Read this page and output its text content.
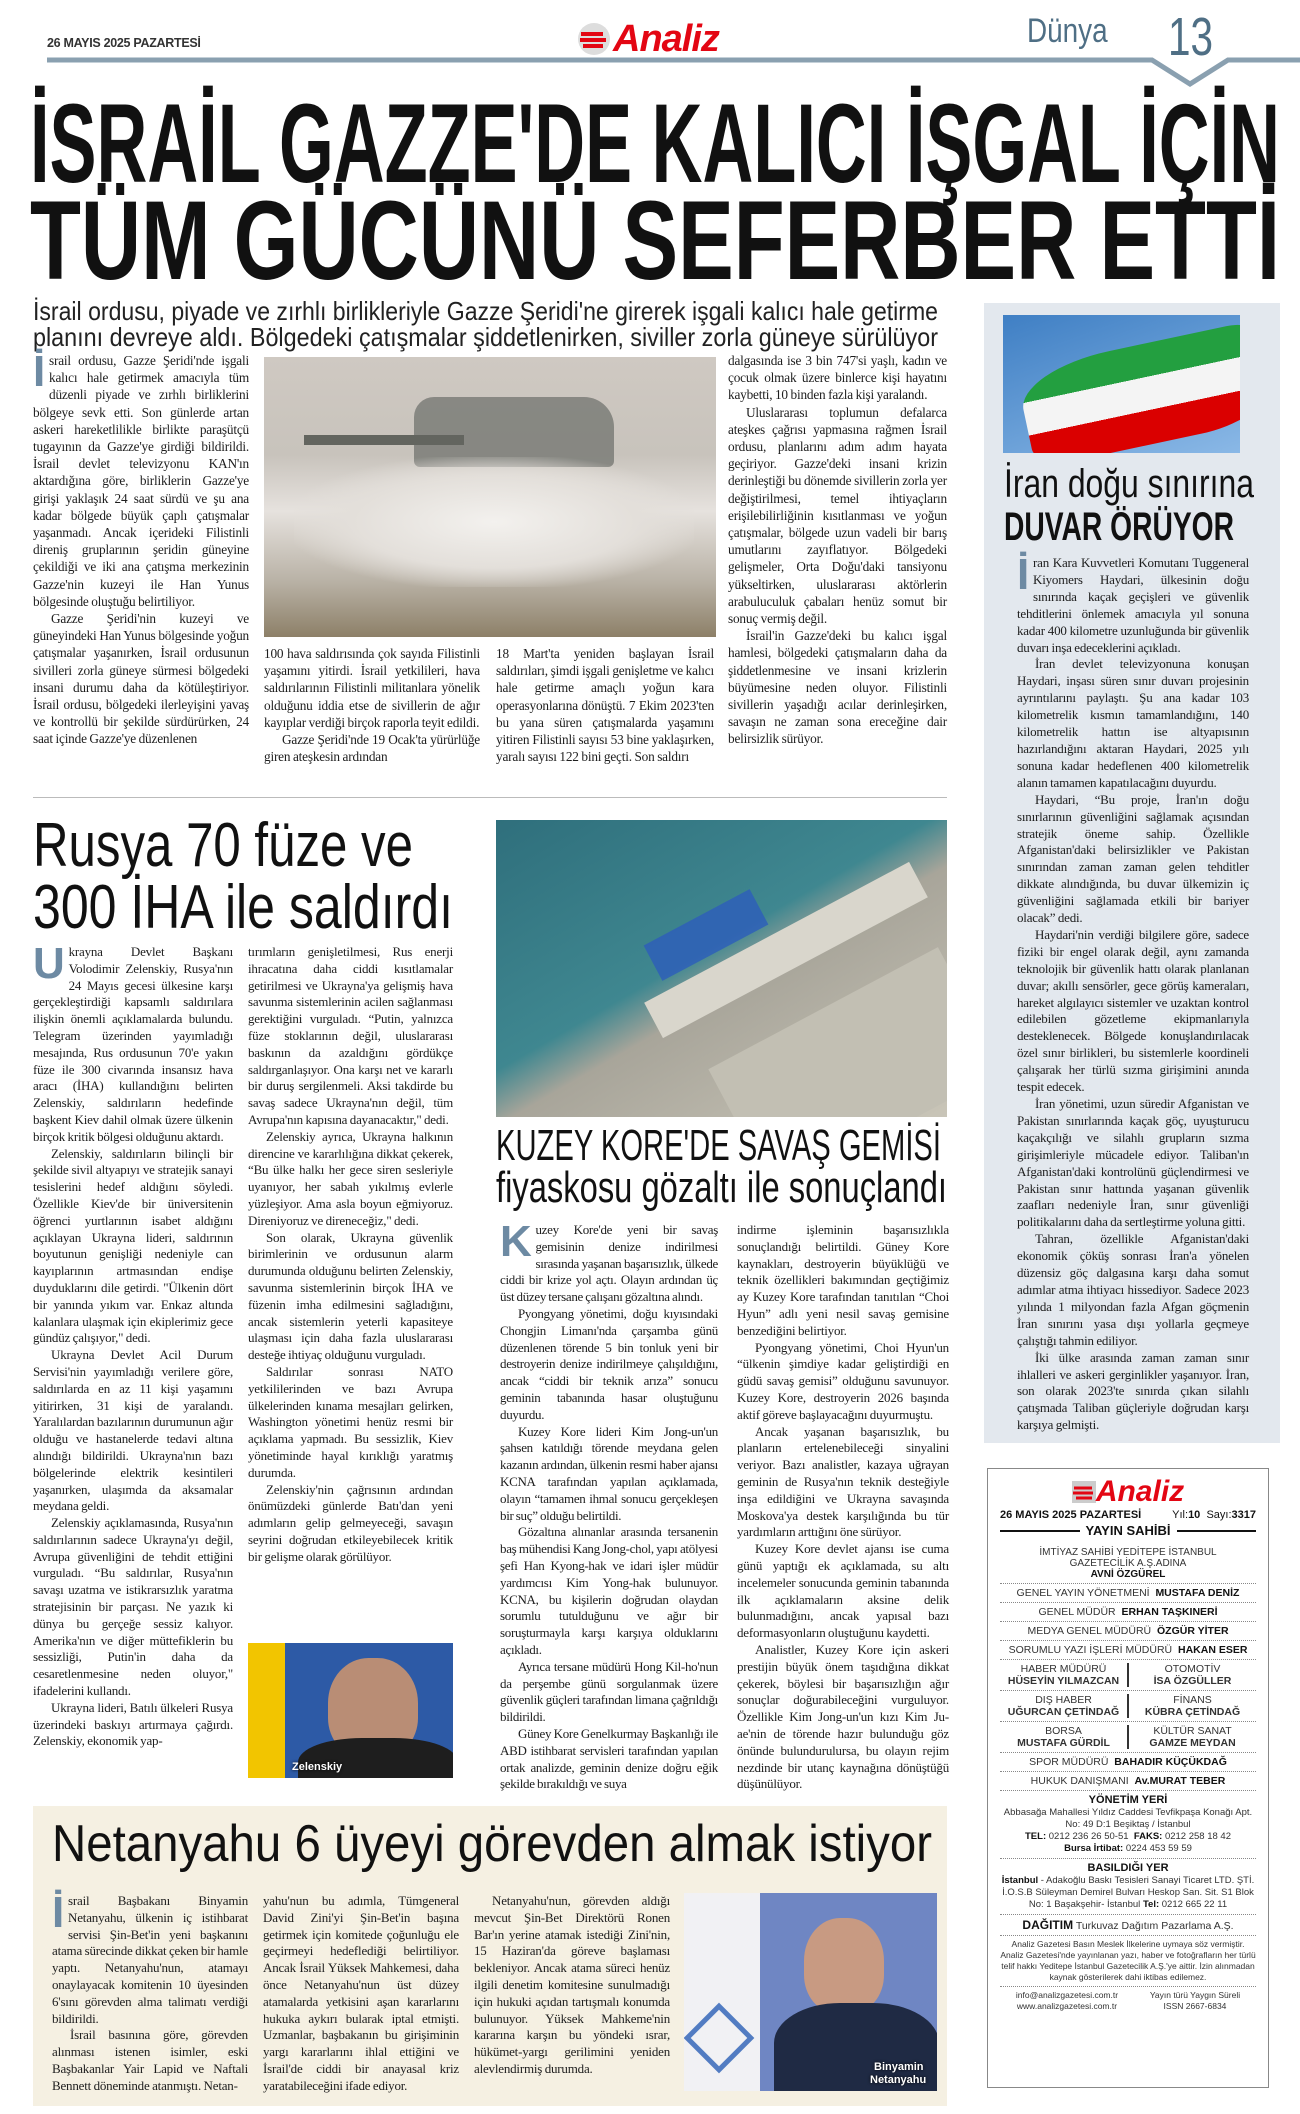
26 MAYIS 2025 PAZARTESİ	Analiz	Dünya 13
İSRAİL GAZZE'DE KALICI İŞGAL İÇİN
TÜM GÜCÜNÜ SEFERBER ETTİ
İsrail ordusu, piyade ve zırhlı birlikleriyle Gazze Şeridi'ne girerek işgali kalıcı hale getirme
planını devreye aldı. Bölgedeki çatışmalar şiddetlenirken, siviller zorla güneye sürülüyor

İsrail ordusu, Gazze Şeridi'nde işgali kalıcı hale getirmek amacıyla tüm düzenli piyade ve zırhlı birliklerini bölgeye sevk etti. Son günlerde artan askeri hareketlilikle birlikte paraşütçü tugayının da Gazze'ye girdiği bildirildi. İsrail devlet televizyonu KAN'ın aktardığına göre, birliklerin Gazze'ye girişi yaklaşık 24 saat sürdü ve şu ana kadar bölgede büyük çaplı çatışmalar yaşanmadı. Ancak içerideki Filistinli direniş gruplarının şeridin güneyine çekildiği ve iki ana çatışma merkezinin Gazze'nin kuzeyi ile Han Yunus bölgesinde oluştuğu belirtiliyor.

Gazze Şeridi'nin kuzeyi ve güneyindeki Han Yunus bölgesinde yoğun çatışmalar yaşanırken, İsrail ordusunun sivilleri zorla güneye sürmesi bölgedeki insani durumu daha da kötüleştiriyor. İsrail ordusu, bölgedeki ilerleyişini yavaş ve kontrollü bir şekilde sürdürürken, 24 saat içinde Gazze'ye düzenlenen

100 hava saldırısında çok sayıda Filistinli yaşamını yitirdi. İsrail yetkilileri, hava saldırılarının Filistinli militanlara yönelik olduğunu iddia etse de sivillerin de ağır kayıplar verdiği birçok raporla teyit edildi.

Gazze Şeridi'nde 19 Ocak'ta yürürlüğe giren ateşkesin ardından

18 Mart'ta yeniden başlayan İsrail saldırıları, şimdi işgali genişletme ve kalıcı hale getirme amaçlı yoğun kara operasyonlarına dönüştü. 7 Ekim 2023'ten bu yana süren çatışmalarda yaşamını yitiren Filistinli sayısı 53 bine yaklaşırken, yaralı sayısı 122 bini geçti. Son saldırı

dalgasında ise 3 bin 747'si yaşlı, kadın ve çocuk olmak üzere binlerce kişi hayatını kaybetti, 10 binden fazla kişi yaralandı.

Uluslararası toplumun defalarca ateşkes çağrısı yapmasına rağmen İsrail ordusu, planlarını adım adım hayata geçiriyor. Gazze'deki insani krizin derinleştiği bu dönemde sivillerin zorla yer değiştirilmesi, temel ihtiyaçların erişilebilirliğinin kısıtlanması ve yoğun çatışmalar, bölgede uzun vadeli bir barış umutlarını zayıflatıyor. Bölgedeki gelişmeler, Orta Doğu'daki tansiyonu yükseltirken, uluslararası aktörlerin arabuluculuk çabaları henüz somut bir sonuç vermiş değil.

İsrail'in Gazze'deki bu kalıcı işgal hamlesi, bölgedeki çatışmaların daha da şiddetlenmesine ve insani krizlerin büyümesine neden oluyor. Filistinli sivillerin yaşadığı acılar derinleşirken, savaşın ne zaman sona ereceğine dair belirsizlik sürüyor.

İran doğu sınırına
DUVAR ÖRÜYOR

İran Kara Kuvvetleri Komutanı Tuggeneral Kiyomers Haydari, ülkesinin doğu sınırında kaçak geçişleri ve güvenlik tehditlerini önlemek amacıyla yıl sonuna kadar 400 kilometre uzunluğunda bir güvenlik duvarı inşa edeceklerini açıkladı.

İran devlet televizyonuna konuşan Haydari, inşası süren sınır duvarı projesinin ayrıntılarını paylaştı. Şu ana kadar 103 kilometrelik kısmın tamamlandığını, 140 kilometrelik hattın ise altyapısının hazırlandığını aktaran Haydari, 2025 yılı sonuna kadar hedeflenen 400 kilometrelik alanın tamamen kapatılacağını duyurdu.

Haydari, “Bu proje, İran'ın doğu sınırlarının güvenliğini sağlamak açısından stratejik öneme sahip. Özellikle Afganistan'daki belirsizlikler ve Pakistan sınırından zaman zaman gelen tehditler dikkate alındığında, bu duvar ülkemizin iç güvenliğini sağlamada etkili bir bariyer olacak” dedi.

Haydari'nin verdiği bilgilere göre, sadece fiziki bir engel olarak değil, aynı zamanda teknolojik bir güvenlik hattı olarak planlanan duvar; akıllı sensörler, gece görüş kameraları, hareket algılayıcı sistemler ve uzaktan kontrol edilebilen gözetleme ekipmanlarıyla desteklenecek. Bölgede konuşlandırılacak özel sınır birlikleri, bu sistemlerle koordineli çalışarak her türlü sızma girişimini anında tespit edecek.

İran yönetimi, uzun süredir Afganistan ve Pakistan sınırlarında kaçak göç, uyuşturucu kaçakçılığı ve silahlı grupların sızma girişimleriyle mücadele ediyor. Taliban'ın Afganistan'daki kontrolünü güçlendirmesi ve Pakistan sınır hattında yaşanan güvenlik zaafları nedeniyle İran, sınır güvenliği politikalarını daha da sertleştirme yoluna gitti.

Tahran, özellikle Afganistan'daki ekonomik çöküş sonrası İran'a yönelen düzensiz göç dalgasına karşı daha somut adımlar atma ihtiyacı hissediyor. Sadece 2023 yılında 1 milyondan fazla Afgan göçmenin İran sınırını yasa dışı yollarla geçmeye çalıştığı tahmin ediliyor.

İki ülke arasında zaman zaman sınır ihlalleri ve askeri gerginlikler yaşanıyor. İran, son olarak 2023'te sınırda çıkan silahlı çatışmada Taliban güçleriyle doğrudan karşı karşıya gelmişti.

Rusya 70 füze ve
300 İHA ile saldırdı

Ukrayna Devlet Başkanı Volodimir Zelenskiy, Rusya'nın 24 Mayıs gecesi ülkesine karşı gerçekleştirdiği kapsamlı saldırılara ilişkin önemli açıklamalarda bulundu. Telegram üzerinden yayımladığı mesajında, Rus ordusunun 70'e yakın füze ile 300 civarında insansız hava aracı (İHA) kullandığını belirten Zelenskiy, saldırıların hedefinde başkent Kiev dahil olmak üzere ülkenin birçok kritik bölgesi olduğunu aktardı.

Zelenskiy, saldırıların bilinçli bir şekilde sivil altyapıyı ve stratejik sanayi tesislerini hedef aldığını söyledi. Özellikle Kiev'de bir üniversitenin öğrenci yurtlarının isabet aldığını açıklayan Ukrayna lideri, saldırının boyutunun genişliği nedeniyle can kayıplarının artmasından endişe duyduklarını dile getirdi. "Ülkenin dört bir yanında yıkım var. Enkaz altında kalanlara ulaşmak için ekiplerimiz gece gündüz çalışıyor," dedi.

Ukrayna Devlet Acil Durum Servisi'nin yayımladığı verilere göre, saldırılarda en az 11 kişi yaşamını yitirirken, 31 kişi de yaralandı. Yaralılardan bazılarının durumunun ağır olduğu ve hastanelerde tedavi altına alındığı bildirildi. Ukrayna'nın bazı bölgelerinde elektrik kesintileri yaşanırken, ulaşımda da aksamalar meydana geldi.

Zelenskiy açıklamasında, Rusya'nın saldırılarının sadece Ukrayna'yı değil, Avrupa güvenliğini de tehdit ettiğini vurguladı. “Bu saldırılar, Rusya'nın savaşı uzatma ve istikrarsızlık yaratma stratejisinin bir parçası. Ne yazık ki dünya bu gerçeğe sessiz kalıyor. Amerika'nın ve diğer müttefiklerin bu sessizliği, Putin'in daha da cesaretlenmesine neden oluyor," ifadelerini kullandı.

Ukrayna lideri, Batılı ülkeleri Rusya üzerindeki baskıyı artırmaya çağırdı. Zelenskiy, ekonomik yap-

tırımların genişletilmesi, Rus enerji ihracatına daha ciddi kısıtlamalar getirilmesi ve Ukrayna'ya gelişmiş hava savunma sistemlerinin acilen sağlanması gerektiğini vurguladı. “Putin, yalnızca füze stoklarının değil, uluslararası baskının da azaldığını gördükçe saldırganlaşıyor. Ona karşı net ve kararlı bir duruş sergilenmeli. Aksi takdirde bu savaş sadece Ukrayna'nın değil, tüm Avrupa'nın kapısına dayanacaktır," dedi.

Zelenskiy ayrıca, Ukrayna halkının direncine ve kararlılığına dikkat çekerek, “Bu ülke halkı her gece siren sesleriyle uyanıyor, her sabah yıkılmış evlerle yüzleşiyor. Ama asla boyun eğmiyoruz. Direniyoruz ve direneceğiz," dedi.

Son olarak, Ukrayna güvenlik birimlerinin ve ordusunun alarm durumunda olduğunu belirten Zelenskiy, savunma sistemlerinin birçok İHA ve füzenin imha edilmesini sağladığını, ancak sistemlerin yeterli kapasiteye ulaşması için daha fazla uluslararası desteğe ihtiyaç olduğunu vurguladı.

Saldırılar sonrası NATO yetkililerinden ve bazı Avrupa ülkelerinden kınama mesajları gelirken, Washington yönetimi henüz resmi bir açıklama yapmadı. Bu sessizlik, Kiev yönetiminde hayal kırıklığı yaratmış durumda.

Zelenskiy'nin çağrısının ardından önümüzdeki günlerde Batı'dan yeni adımların gelip gelmeyeceği, savaşın seyrini doğrudan etkileyebilecek kritik bir gelişme olarak görülüyor.

Zelenskiy
KUZEY KORE'DE SAVAŞ GEMİSİ
fiyaskosu gözaltı ile sonuçlandı

Kuzey Kore'de yeni bir savaş gemisinin denize indirilmesi sırasında yaşanan başarısızlık, ülkede ciddi bir krize yol açtı. Olayın ardından üç üst düzey tersane çalışanı gözaltına alındı.

Pyongyang yönetimi, doğu kıyısındaki Chongjin Limanı'nda çarşamba günü düzenlenen törende 5 bin tonluk yeni bir destroyerin denize indirilmeye çalışıldığını, ancak “ciddi bir teknik arıza” sonucu geminin tabanında hasar oluştuğunu duyurdu.

Kuzey Kore lideri Kim Jong-un'un şahsen katıldığı törende meydana gelen kazanın ardından, ülkenin resmi haber ajansı KCNA tarafından yapılan açıklamada, olayın “tamamen ihmal sonucu gerçekleşen bir suç” olduğu belirtildi.

Gözaltına alınanlar arasında tersanenin baş mühendisi Kang Jong-chol, yapı atölyesi şefi Han Kyong-hak ve idari işler müdür yardımcısı Kim Yong-hak bulunuyor. KCNA, bu kişilerin doğrudan olaydan sorumlu tutulduğunu ve ağır bir soruşturmayla karşı karşıya olduklarını açıkladı.

Ayrıca tersane müdürü Hong Kil-ho'nun da perşembe günü sorgulanmak üzere güvenlik güçleri tarafından limana çağrıldığı bildirildi.

Güney Kore Genelkurmay Başkanlığı ile ABD istihbarat servisleri tarafından yapılan ortak analizde, geminin denize doğru eğik şekilde bırakıldığı ve suya

indirme işleminin başarısızlıkla sonuçlandığı belirtildi. Güney Kore kaynakları, destroyerin büyüklüğü ve teknik özellikleri bakımından geçtiğimiz ay Kuzey Kore tarafından tanıtılan “Choi Hyun” adlı yeni nesil savaş gemisine benzediğini belirtiyor.

Pyongyang yönetimi, Choi Hyun'un “ülkenin şimdiye kadar geliştirdiği en güdü savaş gemisi” olduğunu savunuyor. Kuzey Kore, destroyerin 2026 başında aktif göreve başlayacağını duyurmuştu.

Ancak yaşanan başarısızlık, bu planların ertelenebileceği sinyalini veriyor. Bazı analistler, kazaya uğrayan geminin de Rusya'nın teknik desteğiyle inşa edildiğini ve Ukrayna savaşında Moskova'ya destek karşılığında bu tür yardımların arttığını öne sürüyor.

Kuzey Kore devlet ajansı ise cuma günü yaptığı ek açıklamada, su altı incelemeler sonucunda geminin tabanında ilk açıklamaların aksine delik bulunmadığını, ancak yapısal bazı deformasyonların oluştuğunu kaydetti.

Analistler, Kuzey Kore için askeri prestijin büyük önem taşıdığına dikkat çekerek, böylesi bir başarısızlığın ağır sonuçlar doğurabileceğini vurguluyor. Özellikle Kim Jong-un'un kızı Kim Ju-ae'nin de törende hazır bulunduğu göz önünde bulundurulursa, bu olayın rejim nezdinde bir utanç kaynağına dönüştüğü düşünülüyor.

Netanyahu 6 üyeyi görevden almak istiyor

İsrail Başbakanı Binyamin Netanyahu, ülkenin iç istihbarat servisi Şin-Bet'in yeni başkanını atama sürecinde dikkat çeken bir hamle yaptı. Netanyahu'nun, atamayı onaylayacak komitenin 10 üyesinden 6'sını görevden alma talimatı verdiği bildirildi.

İsrail basınına göre, görevden alınması istenen isimler, eski Başbakanlar Yair Lapid ve Naftali Bennett döneminde atanmıştı. Netan-

yahu'nun bu adımla, Tümgeneral David Zini'yi Şin-Bet'in başına getirmek için komitede çoğunluğu ele geçirmeyi hedeflediği belirtiliyor. Ancak İsrail Yüksek Mahkemesi, daha önce Netanyahu'nun üst düzey atamalarda yetkisini aşan kararlarını hukuka aykırı bularak iptal etmişti. Uzmanlar, başbakanın bu girişiminin yargı kararlarını ihlal ettiğini ve İsrail'de ciddi bir anayasal kriz yaratabileceğini ifade ediyor.

Netanyahu'nun, görevden aldığı mevcut Şin-Bet Direktörü Ronen Bar'ın yerine atamak istediği Zini'nin, 15 Haziran'da göreve başlaması bekleniyor. Ancak atama süreci henüz ilgili denetim komitesine sunulmadığı için hukuki açıdan tartışmalı konumda bulunuyor. Yüksek Mahkeme'nin kararına karşın bu yöndeki ısrar, hükümet-yargı gerilimini yeniden alevlendirmiş durumda.	Binyamin
Netanyahu
Analiz
26 MAYIS 2025 PAZARTESİ	Yıl:10 Sayı:3317
YAYIN SAHİBİ
İMTİYAZ SAHİBİ YEDİTEPE İSTANBUL
GAZETECİLİK A.Ş.ADINA
AVNİ ÖZGÜREL
GENEL YAYIN YÖNETMENİ MUSTAFA DENİZ
GENEL MÜDÜR ERHAN TAŞKINERİ
MEDYA GENEL MÜDÜRÜ ÖZGÜR YİTER
SORUMLU YAZI İŞLERİ MÜDÜRÜ HAKAN ESER
HABER MÜDÜRÜ
HÜSEYİN YILMAZCAN
OTOMOTİV
İSA ÖZGÜLLER
DIŞ HABER
UĞURCAN ÇETİNDAĞ
FİNANS
KÜBRA ÇETİNDAĞ
BORSA
MUSTAFA GÜRDİL
KÜLTÜR SANAT
GAMZE MEYDAN
SPOR MÜDÜRÜ BAHADIR KÜÇÜKDAĞ
HUKUK DANIŞMANI Av.MURAT TEBER
YÖNETİM YERİ
Abbasağa Mahallesi Yıldız Caddesi Tevfikpaşa Konağı Apt. No: 49 D:1 Beşiktaş / İstanbul
TEL: 0212 236 26 50-51 FAKS: 0212 258 18 42
Bursa İrtibat: 0224 453 59 59
BASILDIĞI YER
İstanbul - Adakoğlu Baskı Tesisleri Sanayi Ticaret LTD. ŞTİ. İ.O.S.B Süleyman Demirel Bulvarı Heskop San. Sit. S1 Blok No: 1 Başakşehir- İstanbul Tel: 0212 665 22 11
DAĞITIM Turkuvaz Dağıtım Pazarlama A.Ş.
Analiz Gazetesi Basın Meslek İlkelerine uymaya söz vermiştir. Analiz Gazetesi'nde yayınlanan yazı, haber ve fotoğrafların her türlü telif hakkı Yeditepe İstanbul Gazetecilik A.Ş.'ye aittir. İzin alınmadan kaynak gösterilerek dahi iktibas edilemez.
info@analizgazetesi.com.tr
www.analizgazetesi.com.tr
Yayın türü Yaygın Süreli
ISSN 2667-6834
